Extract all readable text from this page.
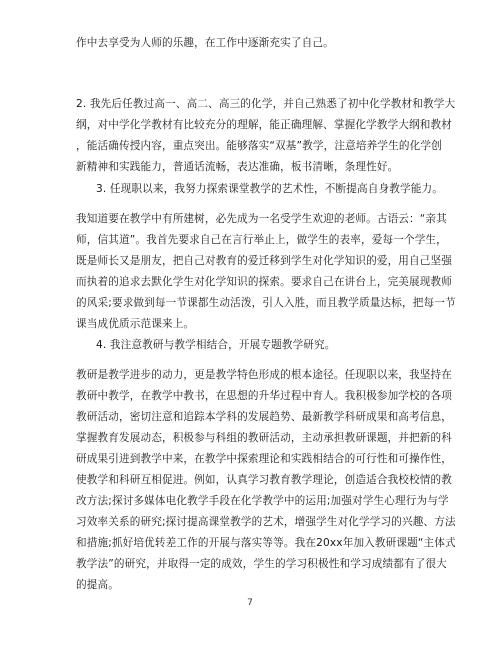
作中去享受为人师的乐趣，在工作中逐渐充实了自己。

2. 我先后任教过高一、高二、高三的化学，并自己熟悉了初中化学教材和教学大

纲，对中学化学教材有比较充分的理解，能正确理解、掌握化学教学大纲和教材

，能活确传授内容，重点突出。能够落实“双基”教学，注意培养学生的化学创

新精神和实践能力，普通话流畅，表达准确，板书清晰，条理性好。

3. 任现职以来，我努力探索课堂教学的艺术性，不断提高自身教学能力。

我知道要在教学中有所建树，必先成为一名受学生欢迎的老师。古语云：“亲其

师，信其道”。我首先要求自己在言行举止上，做学生的表率，爱每一个学生，

既是师长又是朋友，把自己对教育的爱迁移到学生对化学知识的爱，用自己坚强

而执着的追求去默化学生对化学知识的探索。要求自己在讲台上，完美展现教师

的风采;要求做到每一节课都生动活泼，引人入胜，而且教学质量达标，把每一节

课当成优质示范课来上。

4. 我注意教研与教学相结合，开展专题教学研究。

教研是教学进步的动力，更是教学特色形成的根本途径。任现职以来，我坚持在

教研中教学，在教学中教书，在思想的升华过程中育人。我积极参加学校的各项

教研活动，密切注意和追踪本学科的发展趋势、最新教学科研成果和高考信息，

掌握教育发展动态，积极参与科组的教研活动，主动承担教研课题，并把新的科

研成果引进到教学中来，在教学中探索理论和实践相结合的可行性和可操作性，

使教学和科研互相促进。例如，认真学习教育教学理论，创造适合我校校情的教

改方法;探讨多媒体电化教学手段在化学教学中的运用;加强对学生心理行为与学

习效率关系的研究;探讨提高课堂教学的艺术，增强学生对化学学习的兴趣、方法

和措施;抓好培优转差工作的开展与落实等等。我在20xx年加入教研课题“主体式

教学法”的研究，并取得一定的成效，学生的学习积极性和学习成绩都有了很大

的提高。

7
